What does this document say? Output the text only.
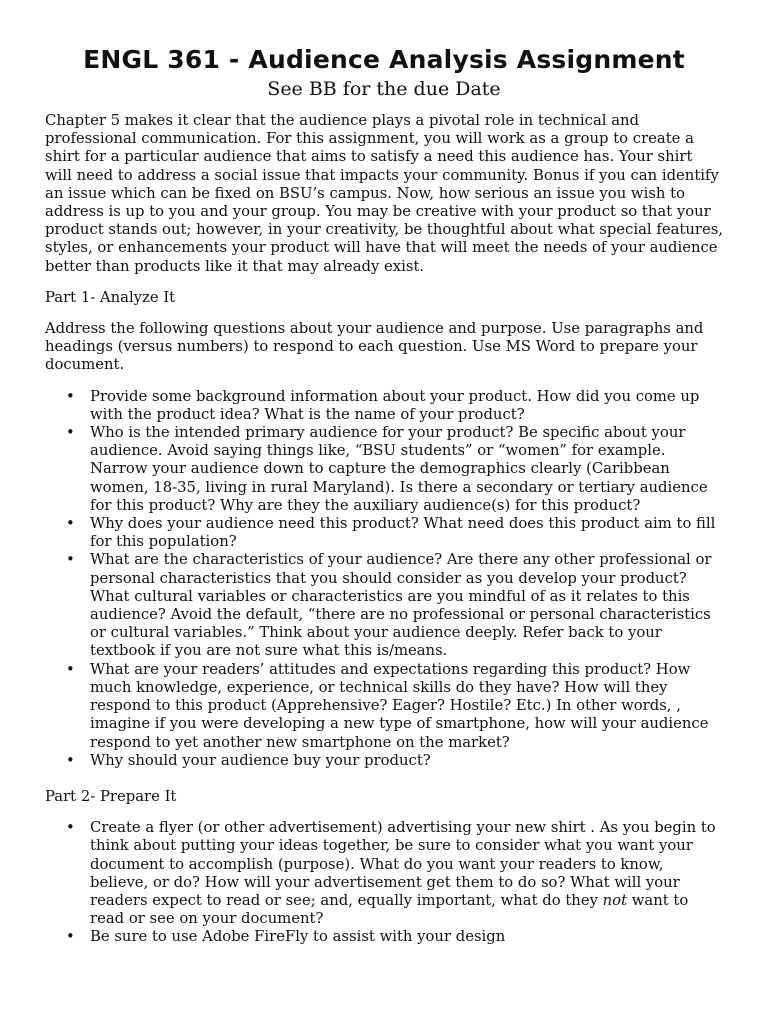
ENGL 361 - Audience Analysis Assignment
See BB for the due Date

Chapter 5 makes it clear that the audience plays a pivotal role in technical and professional communication. For this assignment, you will work as a group to create a shirt for a particular audience that aims to satisfy a need this audience has. Your shirt will need to address a social issue that impacts your community. Bonus if you can identify an issue which can be fixed on BSU’s campus. Now, how serious an issue you wish to address is up to you and your group. You may be creative with your product so that your product stands out; however, in your creativity, be thoughtful about what special features, styles, or enhancements your product will have that will meet the needs of your audience better than products like it that may already exist.

Part 1- Analyze It

Address the following questions about your audience and purpose. Use paragraphs and headings (versus numbers) to respond to each question. Use MS Word to prepare your document.

• Provide some background information about your product. How did you come up with the product idea? What is the name of your product?
• Who is the intended primary audience for your product? Be specific about your audience. Avoid saying things like, “BSU students” or “women” for example. Narrow your audience down to capture the demographics clearly (Caribbean women, 18-35, living in rural Maryland). Is there a secondary or tertiary audience for this product? Why are they the auxiliary audience(s) for this product?
• Why does your audience need this product? What need does this product aim to fill for this population?
• What are the characteristics of your audience? Are there any other professional or personal characteristics that you should consider as you develop your product? What cultural variables or characteristics are you mindful of as it relates to this audience? Avoid the default, “there are no professional or personal characteristics or cultural variables.” Think about your audience deeply. Refer back to your textbook if you are not sure what this is/means.
• What are your readers’ attitudes and expectations regarding this product? How much knowledge, experience, or technical skills do they have? How will they respond to this product (Apprehensive? Eager? Hostile? Etc.) In other words, , imagine if you were developing a new type of smartphone, how will your audience respond to yet another new smartphone on the market?
• Why should your audience buy your product?

Part 2- Prepare It

• Create a flyer (or other advertisement) advertising your new shirt . As you begin to think about putting your ideas together, be sure to consider what you want your document to accomplish (purpose). What do you want your readers to know, believe, or do? How will your advertisement get them to do so? What will your readers expect to read or see; and, equally important, what do they not want to read or see on your document?
• Be sure to use Adobe FireFly to assist with your design
